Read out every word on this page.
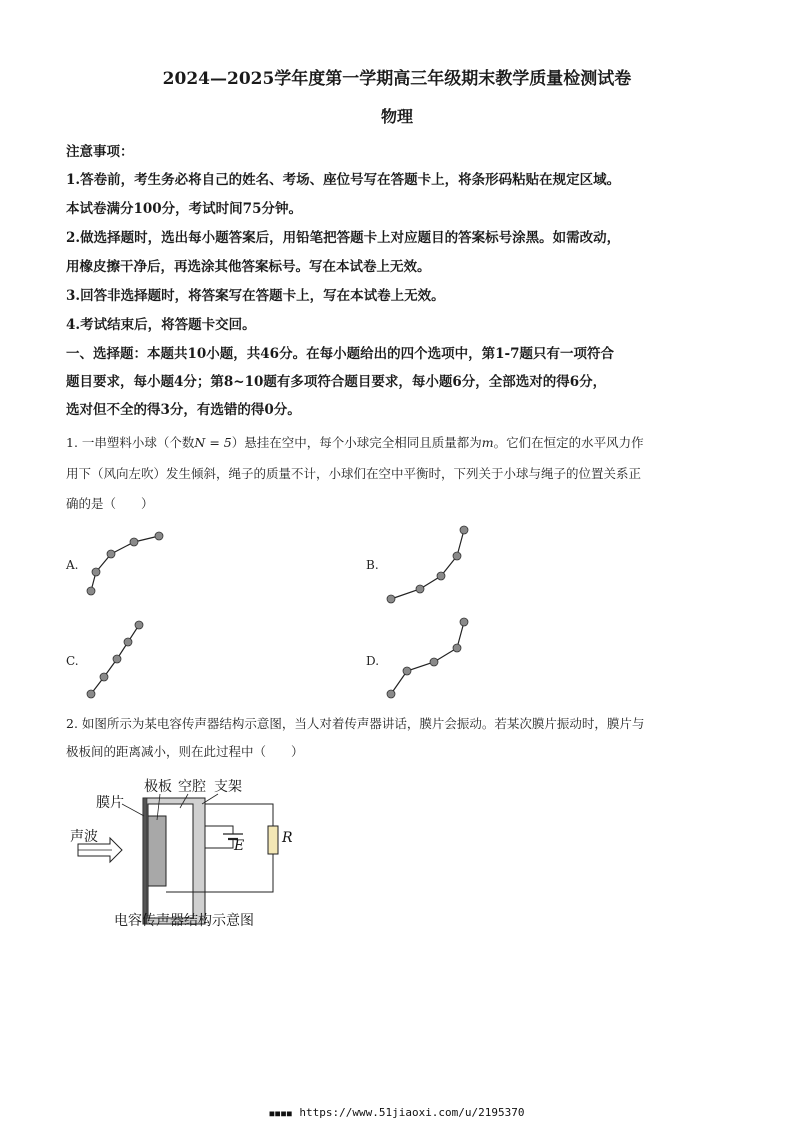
2024—2025学年度第一学期高三年级期末教学质量检测试卷
物理
注意事项：
1.答卷前，考生务必将自己的姓名、考场、座位号写在答题卡上，将条形码粘贴在规定区域。
本试卷满分100分，考试时间75分钟。
2.做选择题时，选出每小题答案后，用铅笔把答题卡上对应题目的答案标号涂黑。如需改动，
用橡皮擦干净后，再选涂其他答案标号。写在本试卷上无效。
3.回答非选择题时，将答案写在答题卡上，写在本试卷上无效。
4.考试结束后，将答题卡交回。
一、选择题：本题共10小题，共46分。在每小题给出的四个选项中，第1-7题只有一项符合
题目要求，每小题4分；第8~10题有多项符合题目要求，每小题6分，全部选对的得6分，
选对但不全的得3分，有选错的得0分。
1. 一串塑料小球（个数N = 5）悬挂在空中，每个小球完全相同且质量都为m。它们在恒定的水平风力作
用下（风向左吹）发生倾斜，绳子的质量不计，小球们在空中平衡时，下列关于小球与绳子的位置关系正
确的是（　　）
A.	B.
C.	D.
2. 如图所示为某电容传声器结构示意图，当人对着传声器讲话，膜片会振动。若某次膜片振动时，膜片与
极板间的距离减小，则在此过程中（　　）
膜片
极板 空腔 支架
声波
E	R
电容传声器结构示意图
■■■■ https://www.51jiaoxi.com/u/2195370
